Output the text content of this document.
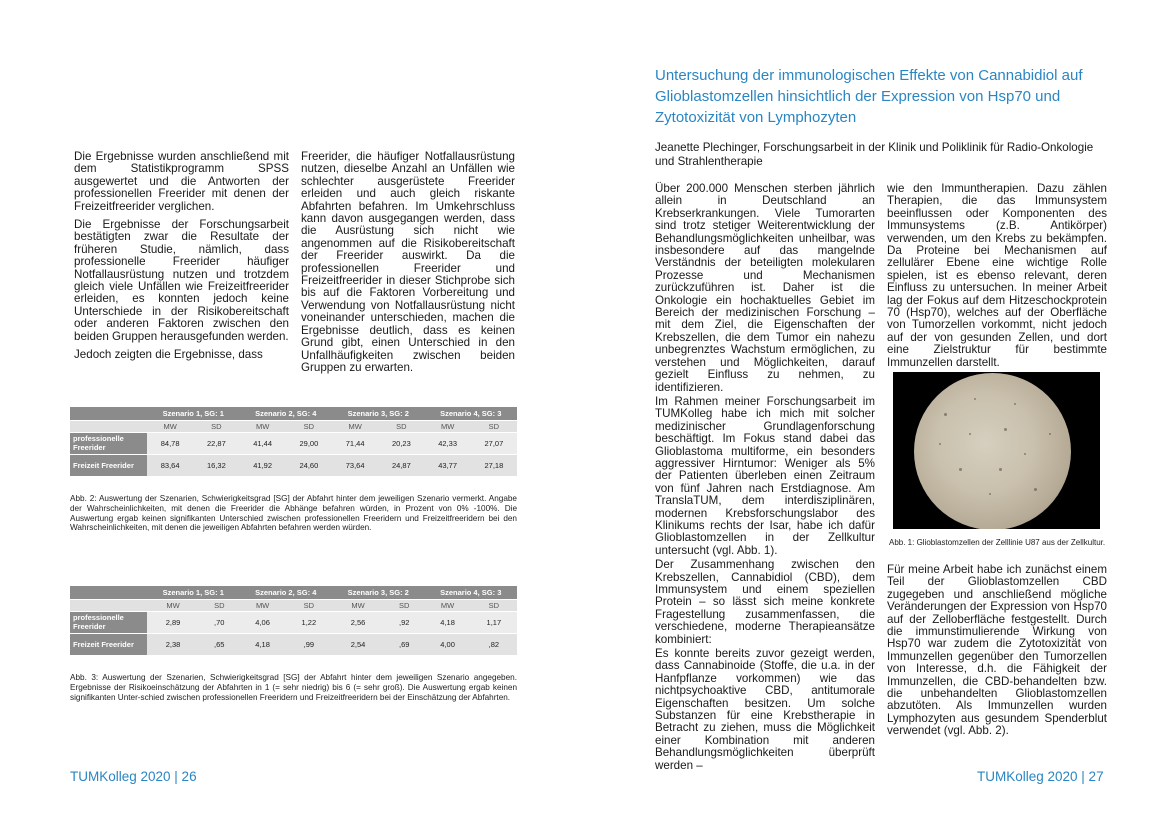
Die Ergebnisse wurden anschließend mit dem Statistikprogramm SPSS ausgewertet und die Antworten der professionellen Freerider mit denen der Freizeitfreerider verglichen.

Die Ergebnisse der Forschungsarbeit bestätigten zwar die Resultate der früheren Studie, nämlich, dass professionelle Freerider häufiger Notfallausrüstung nutzen und trotzdem gleich viele Unfällen wie Freizeitfreerider erleiden, es konnten jedoch keine Unterschiede in der Risikobereitschaft oder anderen Faktoren zwischen den beiden Gruppen herausgefunden werden.

Jedoch zeigten die Ergebnisse, dass

Freerider, die häufiger Notfallausrüstung nutzen, dieselbe Anzahl an Unfällen wie schlechter ausgerüstete Freerider erleiden und auch gleich riskante Abfahrten befahren. Im Umkehrschluss kann davon ausgegangen werden, dass die Ausrüstung sich nicht wie angenommen auf die Risikobereitschaft der Freerider auswirkt. Da die professionellen Freerider und Freizeitfreerider in dieser Stichprobe sich bis auf die Faktoren Vorbereitung und Verwendung von Notfallausrüstung nicht voneinander unterschieden, machen die Ergebnisse deutlich, dass es keinen Grund gibt, einen Unterschied in den Unfallhäufigkeiten zwischen beiden Gruppen zu erwarten.

	Szenario 1, SG: 1		Szenario 2, SG: 4		Szenario 3, SG: 2		Szenario 4, SG: 3	
	MW	SD	MW	SD	MW	SD	MW	SD
professionelle Freerider	84,78	22,87	41,44	29,00	71,44	20,23	42,33	27,07
Freizeit Freerider	83,64	16,32	41,92	24,60	73,64	24,87	43,77	27,18
Abb. 2: Auswertung der Szenarien, Schwierigkeitsgrad [SG] der Abfahrt hinter dem jeweiligen Szenario vermerkt. Angabe der Wahrscheinlichkeiten, mit denen die Freerider die Abhänge befahren würden, in Prozent von 0% -100%. Die Auswertung ergab keinen signifikanten Unterschied zwischen professionellen Freeridern und Freizeitfreeridern bei den Wahrscheinlichkeiten, mit denen die jeweiligen Abfahrten befahren werden würden.
	Szenario 1, SG: 1		Szenario 2, SG: 4		Szenario 3, SG: 2		Szenario 4, SG: 3	
	MW	SD	MW	SD	MW	SD	MW	SD
professionelle Freerider	2,89	,70	4,06	1,22	2,56	,92	4,18	1,17
Freizeit Freerider	2,38	,65	4,18	,99	2,54	,69	4,00	,82
Abb. 3: Auswertung der Szenarien, Schwierigkeitsgrad [SG] der Abfahrt hinter dem jeweiligen Szenario angegeben. Ergebnisse der Risikoeinschätzung der Abfahrten in 1 (= sehr niedrig) bis 6 (= sehr groß). Die Auswertung ergab keinen signifikanten Unter-schied zwischen professionellen Freeridern und Freizeitfreeridern bei der Einschätzung der Abfahrten.
TUMKolleg 2020 | 26
Untersuchung der immunologischen Effekte von Cannabidiol auf Glioblastomzellen hinsichtlich der Expression von Hsp70 und Zytotoxizität von Lymphozyten
Jeanette Plechinger, Forschungsarbeit in der Klinik und Poliklinik für Radio-Onkologie und Strahlentherapie

Über 200.000 Menschen sterben jährlich allein in Deutschland an Krebserkrankungen. Viele Tumorarten sind trotz stetiger Weiterentwicklung der Behandlungsmöglichkeiten unheilbar, was insbesondere auf das mangelnde Verständnis der beteiligten molekularen Prozesse und Mechanismen zurückzuführen ist. Daher ist die Onkologie ein hochaktuelles Gebiet im Bereich der medizinischen Forschung – mit dem Ziel, die Eigenschaften der Krebszellen, die dem Tumor ein nahezu unbegrenztes Wachstum ermöglichen, zu verstehen und Möglichkeiten, darauf gezielt Einfluss zu nehmen, zu identifizieren.

Im Rahmen meiner Forschungsarbeit im TUMKolleg habe ich mich mit solcher medizinischer Grundlagenforschung beschäftigt. Im Fokus stand dabei das Glioblastoma multiforme, ein besonders aggressiver Hirntumor: Weniger als 5% der Patienten überleben einen Zeitraum von fünf Jahren nach Erstdiagnose. Am TranslaTUM, dem interdisziplinären, modernen Krebsforschungslabor des Klinikums rechts der Isar, habe ich dafür Glioblastomzellen in der Zellkultur untersucht (vgl. Abb. 1).

Der Zusammenhang zwischen den Krebszellen, Cannabidiol (CBD), dem Immunsystem und einem speziellen Protein – so lässt sich meine konkrete Fragestellung zusammenfassen, die verschiedene, moderne Therapieansätze kombiniert:

Es konnte bereits zuvor gezeigt werden, dass Cannabinoide (Stoffe, die u.a. in der Hanfpflanze vorkommen) wie das nichtpsychoaktive CBD, antitumorale Eigenschaften besitzen. Um solche Substanzen für eine Krebstherapie in Betracht zu ziehen, muss die Möglichkeit einer Kombination mit anderen Behandlungsmöglichkeiten überprüft werden –

wie den Immuntherapien. Dazu zählen Therapien, die das Immunsystem beeinflussen oder Komponenten des Immunsystems (z.B. Antikörper) verwenden, um den Krebs zu bekämpfen. Da Proteine bei Mechanismen auf zellulärer Ebene eine wichtige Rolle spielen, ist es ebenso relevant, deren Einfluss zu untersuchen. In meiner Arbeit lag der Fokus auf dem Hitzeschockprotein 70 (Hsp70), welches auf der Oberfläche von Tumorzellen vorkommt, nicht jedoch auf der von gesunden Zellen, und dort eine Zielstruktur für bestimmte Immunzellen darstellt.
Abb. 1: Glioblastomzellen der Zelllinie U87 aus der Zellkultur.
Für meine Arbeit habe ich zunächst einem Teil der Glioblastomzellen CBD zugegeben und anschließend mögliche Veränderungen der Expression von Hsp70 auf der Zelloberfläche festgestellt. Durch die immunstimulierende Wirkung von Hsp70 war zudem die Zytotoxizität von Immunzellen gegenüber den Tumorzellen von Interesse, d.h. die Fähigkeit der Immunzellen, die CBD-behandelten bzw. die unbehandelten Glioblastomzellen abzutöten. Als Immunzellen wurden Lymphozyten aus gesundem Spenderblut verwendet (vgl. Abb. 2).
TUMKolleg 2020 | 27
